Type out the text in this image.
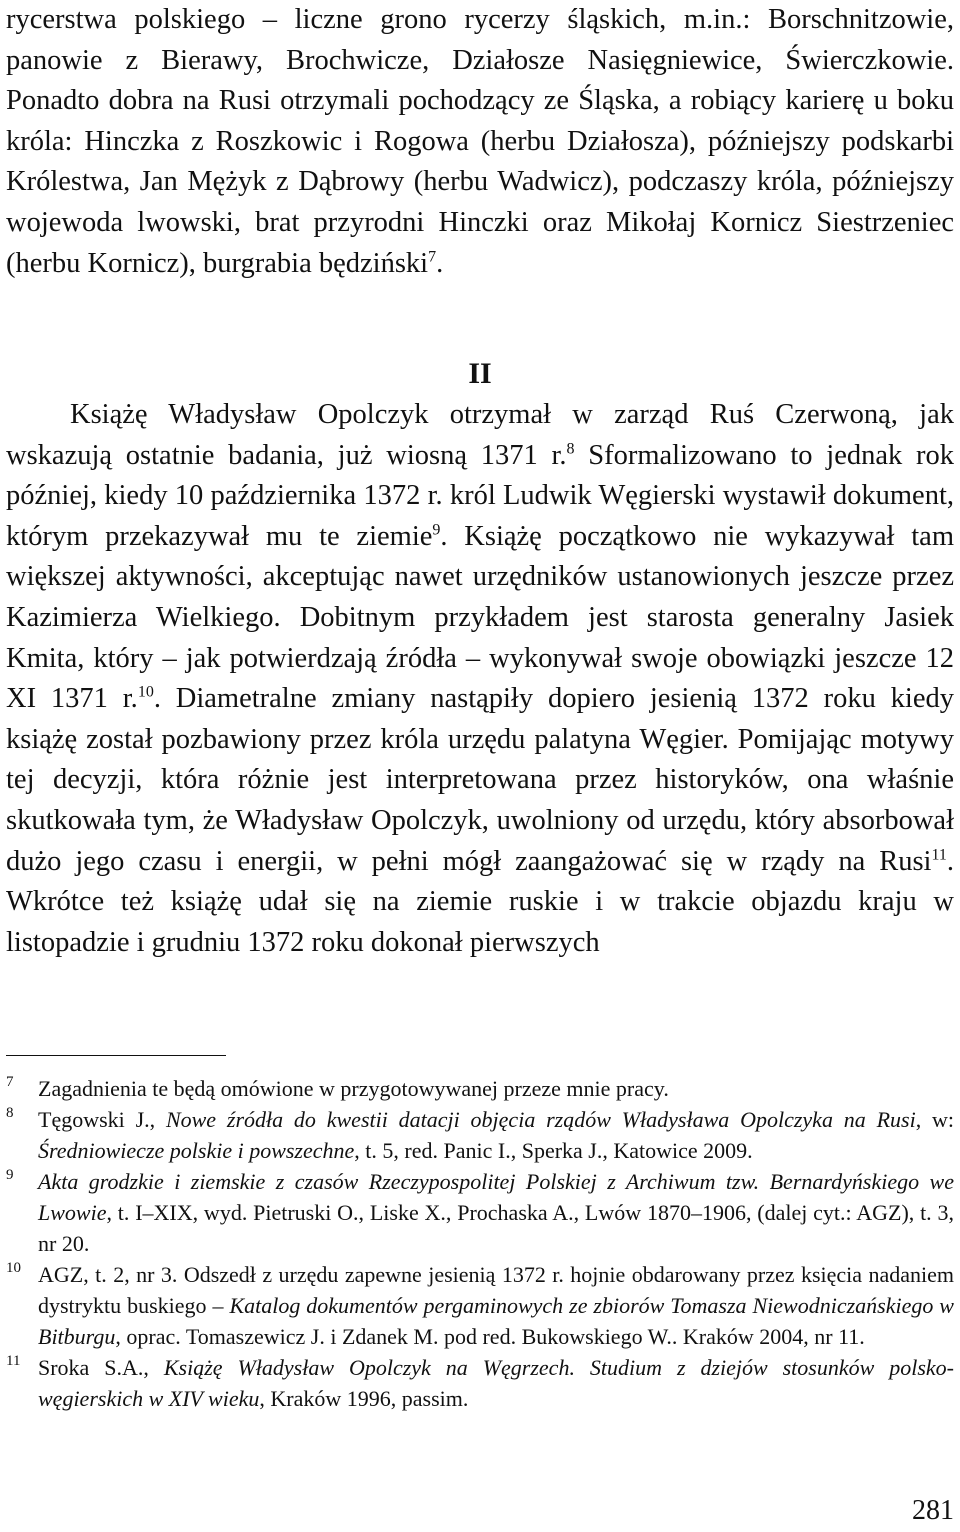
rycerstwa polskiego – liczne grono rycerzy śląskich, m.in.: Borschnitzowie, panowie z Bierawy, Brochwicze, Działosze Nasięgniewice, Świerczkowie. Ponadto dobra na Rusi otrzymali pochodzący ze Śląska, a robiący karierę u boku króla: Hinczka z Roszkowic i Rogowa (herbu Działosza), późniejszy podskarbi Królestwa, Jan Mężyk z Dąbrowy (herbu Wadwicz), podczaszy króla, późniejszy wojewoda lwowski, brat przyrodni Hinczki oraz Mikołaj Kornicz Siestrzeniec (herbu Kornicz), burgrabia będziński$^7$.

II

Książę Władysław Opolczyk otrzymał w zarząd Ruś Czerwoną, jak wskazują ostatnie badania, już wiosną 1371 r.$^8$ Sformalizowano to jednak rok później, kiedy 10 października 1372 r. król Ludwik Węgierski wystawił dokument, którym przekazywał mu te ziemie$^9$. Książę początkowo nie wykazywał tam większej aktywności, akceptując nawet urzędników ustanowionych jeszcze przez Kazimierza Wielkiego. Dobitnym przykładem jest starosta generalny Jasiek Kmita, który – jak potwierdzają źródła – wykonywał swoje obowiązki jeszcze 12 XI 1371 r.$^{10}$. Diametralne zmiany nastąpiły dopiero jesienią 1372 roku kiedy książę został pozbawiony przez króla urzędu palatyna Węgier. Pomijając motywy tej decyzji, która różnie jest interpretowana przez historyków, ona właśnie skutkowała tym, że Władysław Opolczyk, uwolniony od urzędu, który absorbował dużo jego czasu i energii, w pełni mógł zaangażować się w rządy na Rusi$^{11}$. Wkrótce też książę udał się na ziemie ruskie i w trakcie objazdu kraju w listopadzie i grudniu 1372 roku dokonał pierwszych

7 Zagadnienia te będą omówione w przygotowywanej przeze mnie pracy.
8 Tęgowski J., Nowe źródła do kwestii datacji objęcia rządów Władysława Opolczyka na Rusi, w: Średniowiecze polskie i powszechne, t. 5, red. Panic I., Sperka J., Katowice 2009.
9 Akta grodzkie i ziemskie z czasów Rzeczypospolitej Polskiej z Archiwum tzw. Bernardyńskiego we Lwowie, t. I–XIX, wyd. Pietruski O., Liske X., Prochaska A., Lwów 1870–1906, (dalej cyt.: AGZ), t. 3, nr 20.
10 AGZ, t. 2, nr 3. Odszedł z urzędu zapewne jesienią 1372 r. hojnie obdarowany przez księcia nadaniem dystryktu buskiego – Katalog dokumentów pergaminowych ze zbiorów Tomasza Niewodniczańskiego w Bitburgu, oprac. Tomaszewicz J. i Zdanek M. pod red. Bukowskiego W.. Kraków 2004, nr 11.
11 Sroka S.A., Książę Władysław Opolczyk na Węgrzech. Studium z dziejów stosunków polsko-węgierskich w XIV wieku, Kraków 1996, passim.
281
